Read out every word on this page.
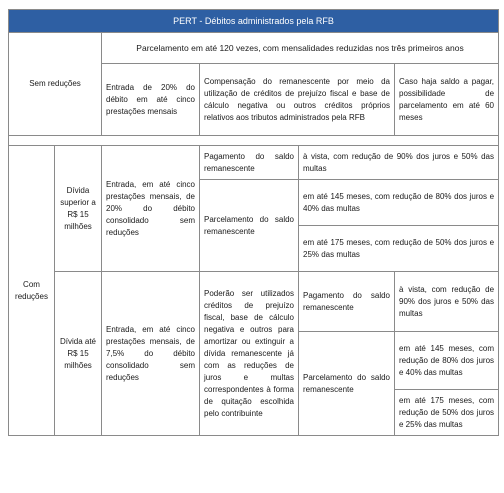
PERT - Débitos administrados pela RFB					
Sem reduções		Parcelamento em até 120 vezes, com mensalidades reduzidas nos três primeiros anos			
		Entrada de 20% do débito em até cinco prestações mensais	Compensação do remanescente por meio da utilização de créditos de prejuízo fiscal e base de cálculo negativa ou outros créditos próprios relativos aos tributos administrados pela RFB		Caso haja saldo a pagar, possibilidade de parcelamento em até 60 meses

Com reduções	Dívida superior a R$ 15 milhões	Entrada, em até cinco prestações mensais, de 20% do débito consolidado sem reduções	Pagamento do saldo remanescente	à vista, com redução de 90% dos juros e 50% das multas	
			Parcelamento do saldo remanescente	em até 145 meses, com redução de 80% dos juros e 40% das multas	
				em até 175 meses, com redução de 50% dos juros e 25% das multas	
	Dívida até R$ 15 milhões	Entrada, em até cinco prestações mensais, de 7,5% do débito consolidado sem reduções	Poderão ser utilizados créditos de prejuízo fiscal, base de cálculo negativa e outros para amortizar ou extinguir a dívida remanescente já com as reduções de juros e multas correspondentes à forma de quitação escolhida pelo contribuinte	Pagamento do saldo remanescente	à vista, com redução de 90% dos juros e 50% das multas
				Parcelamento do saldo remanescente	em até 145 meses, com redução de 80% dos juros e 40% das multas
					em até 175 meses, com redução de 50% dos juros e 25% das multas
